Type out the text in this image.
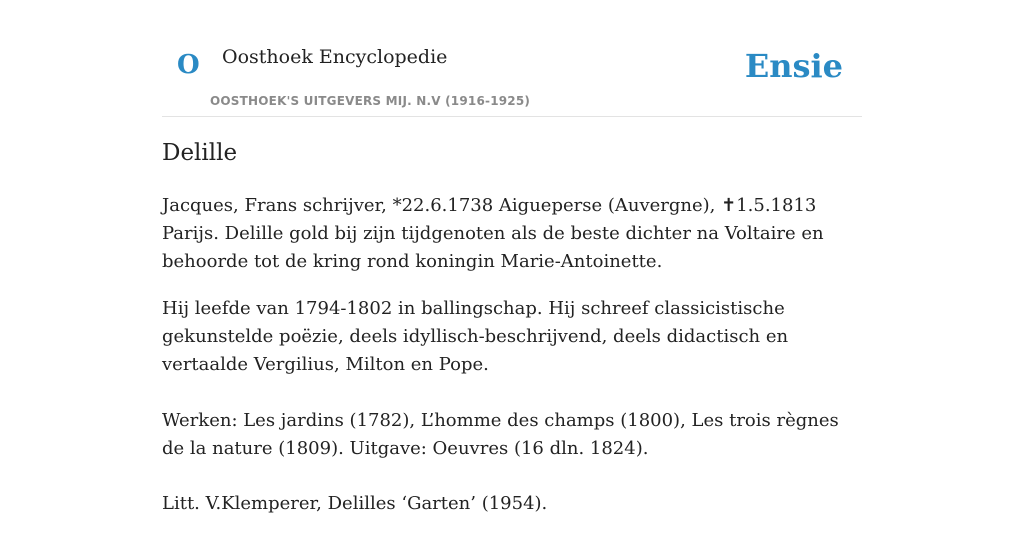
O Oosthoek Encyclopedie
OOSTHOEK'S UITGEVERS MIJ. N.V (1916-1925)
Ensie
Delille

Jacques, Frans schrijver, *22.6.1738 Aigueperse (Auvergne), ✝1.5.1813 Parijs. Delille gold bij zijn tijdgenoten als de beste dichter na Voltaire en behoorde tot de kring rond koningin Marie-Antoinette.

Hij leefde van 1794-1802 in ballingschap. Hij schreef classicistische gekunstelde poëzie, deels idyllisch-beschrijvend, deels didactisch en vertaalde Vergilius, Milton en Pope.

Werken: Les jardins (1782), L’homme des champs (1800), Les trois règnes de la nature (1809). Uitgave: Oeuvres (16 dln. 1824).

Litt. V.Klemperer, Delilles ‘Garten’ (1954).
